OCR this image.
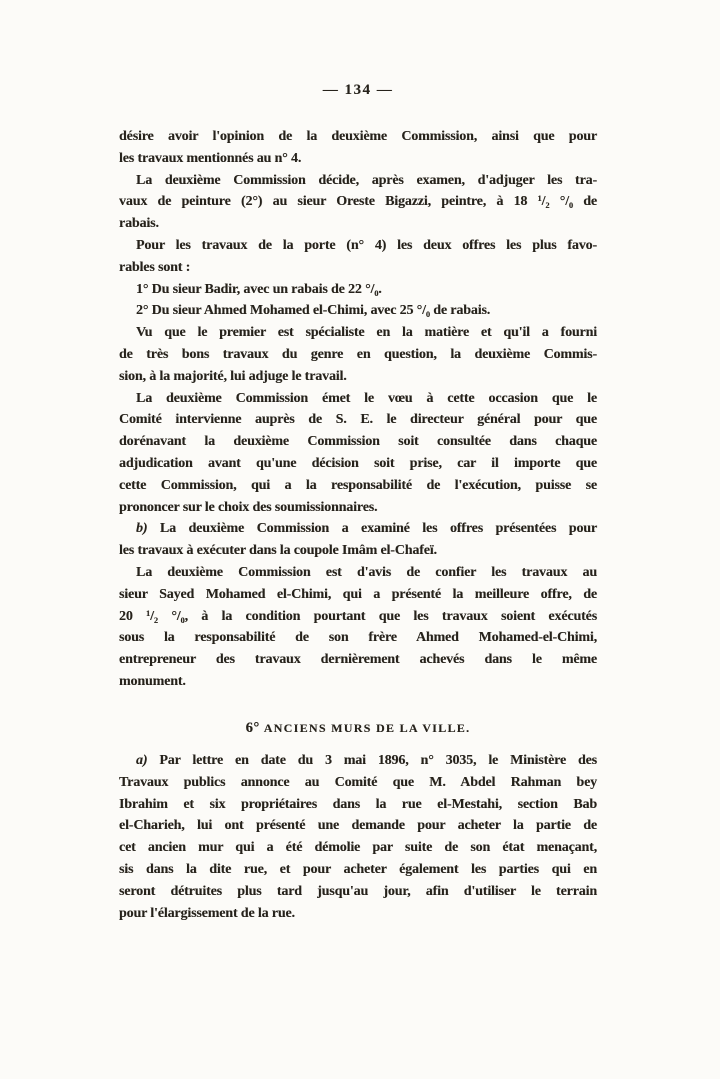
— 134 —
désire avoir l'opinion de la deuxième Commission, ainsi que pour
les travaux mentionnés au n° 4.
La deuxième Commission décide, après examen, d'adjuger les tra-
vaux de peinture (2°) au sieur Oreste Bigazzi, peintre, à 18 ¹/₂ °/₀ de
rabais.
Pour les travaux de la porte (n° 4) les deux offres les plus favo-
rables sont :
1° Du sieur Badir, avec un rabais de 22 °/₀.
2° Du sieur Ahmed Mohamed el-Chimi, avec 25 °/₀ de rabais.
Vu que le premier est spécialiste en la matière et qu'il a fourni
de très bons travaux du genre en question, la deuxième Commis-
sion, à la majorité, lui adjuge le travail.
La deuxième Commission émet le vœu à cette occasion que le
Comité intervienne auprès de S. E. le directeur général pour que
dorénavant la deuxième Commission soit consultée dans chaque
adjudication avant qu'une décision soit prise, car il importe que
cette Commission, qui a la responsabilité de l'exécution, puisse se
prononcer sur le choix des soumissionnaires.
b) La deuxième Commission a examiné les offres présentées pour
les travaux à exécuter dans la coupole Imâm el-Chafeï.
La deuxième Commission est d'avis de confier les travaux au
sieur Sayed Mohamed el-Chimi, qui a présenté la meilleure offre, de
20 ¹/₂ °/₀, à la condition pourtant que les travaux soient exécutés
sous la responsabilité de son frère Ahmed Mohamed-el-Chimi,
entrepreneur des travaux dernièrement achevés dans le même
monument.
6° ANCIENS MURS DE LA VILLE.
a) Par lettre en date du 3 mai 1896, n° 3035, le Ministère des
Travaux publics annonce au Comité que M. Abdel Rahman bey
Ibrahim et six propriétaires dans la rue el-Mestahi, section Bab
el-Charieh, lui ont présenté une demande pour acheter la partie de
cet ancien mur qui a été démolie par suite de son état menaçant,
sis dans la dite rue, et pour acheter également les parties qui en
seront détruites plus tard jusqu'au jour, afin d'utiliser le terrain
pour l'élargissement de la rue.
